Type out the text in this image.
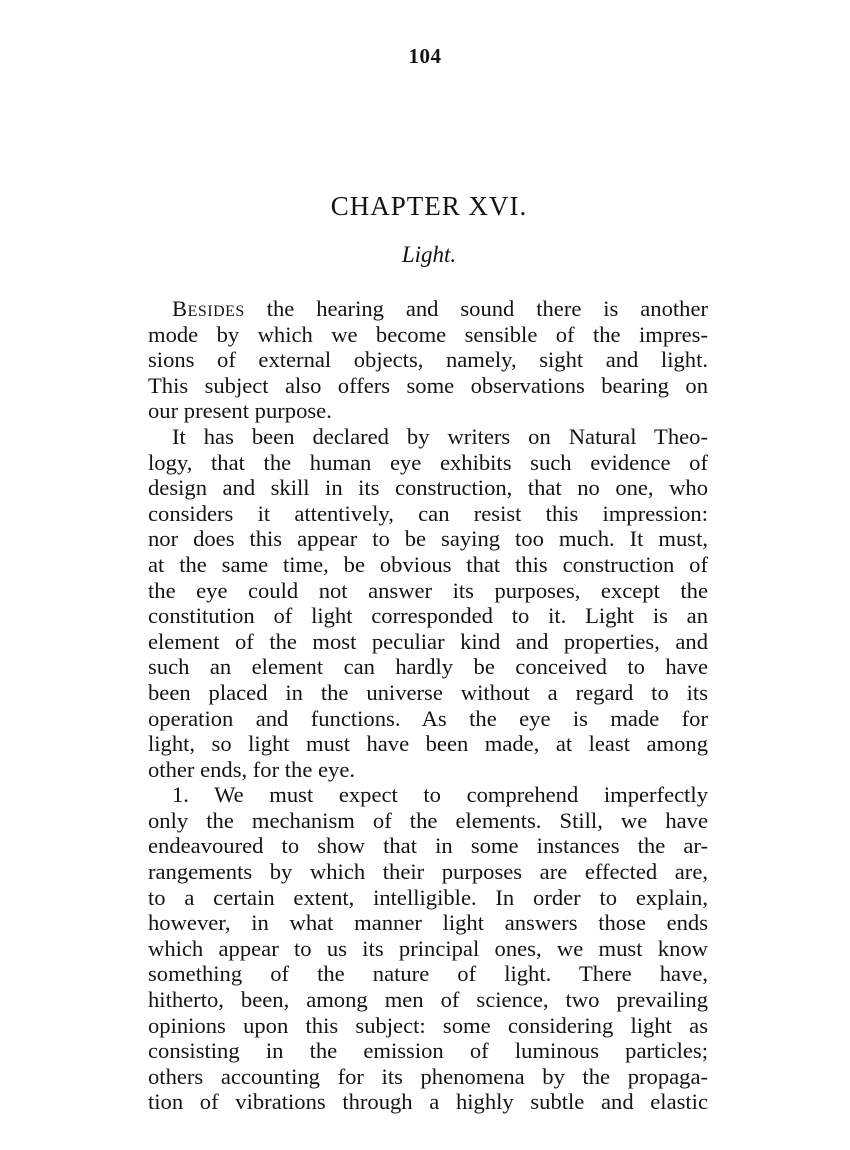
104
CHAPTER XVI.
Light.
Besides the hearing and sound there is another
mode by which we become sensible of the impres-
sions of external objects, namely, sight and light.
This subject also offers some observations bearing on
our present purpose.
It has been declared by writers on Natural Theo-
logy, that the human eye exhibits such evidence of
design and skill in its construction, that no one, who
considers it attentively, can resist this impression:
nor does this appear to be saying too much. It must,
at the same time, be obvious that this construction of
the eye could not answer its purposes, except the
constitution of light corresponded to it. Light is an
element of the most peculiar kind and properties, and
such an element can hardly be conceived to have
been placed in the universe without a regard to its
operation and functions. As the eye is made for
light, so light must have been made, at least among
other ends, for the eye.
1. We must expect to comprehend imperfectly
only the mechanism of the elements. Still, we have
endeavoured to show that in some instances the ar-
rangements by which their purposes are effected are,
to a certain extent, intelligible. In order to explain,
however, in what manner light answers those ends
which appear to us its principal ones, we must know
something of the nature of light. There have,
hitherto, been, among men of science, two prevailing
opinions upon this subject: some considering light as
consisting in the emission of luminous particles;
others accounting for its phenomena by the propaga-
tion of vibrations through a highly subtle and elastic
